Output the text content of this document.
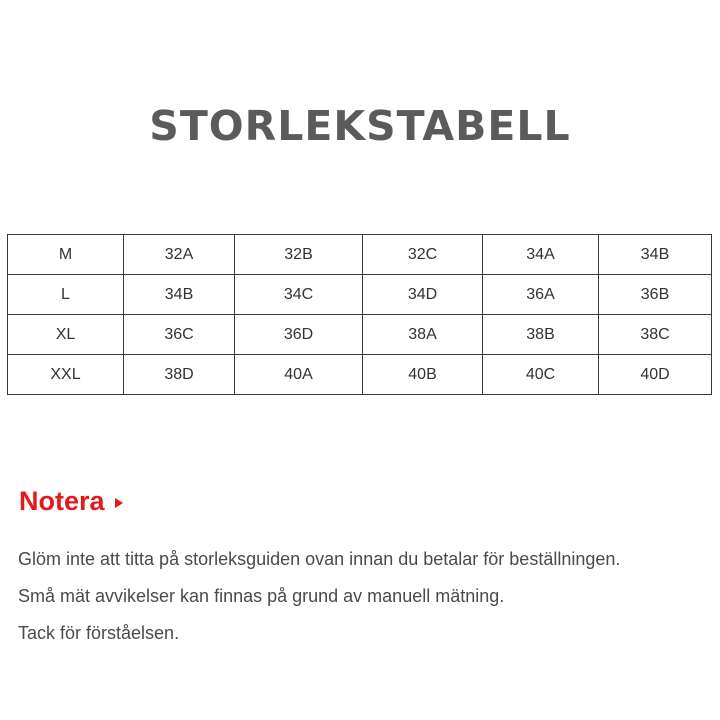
STORLEKSTABELL
M	32A	32B	32C	34A	34B
L	34B	34C	34D	36A	36B
XL	36C	36D	38A	38B	38C
XXL	38D	40A	40B	40C	40D
Notera
Glöm inte att titta på storleksguiden ovan innan du betalar för beställningen.
Små mät avvikelser kan finnas på grund av manuell mätning.
Tack för förståelsen.
